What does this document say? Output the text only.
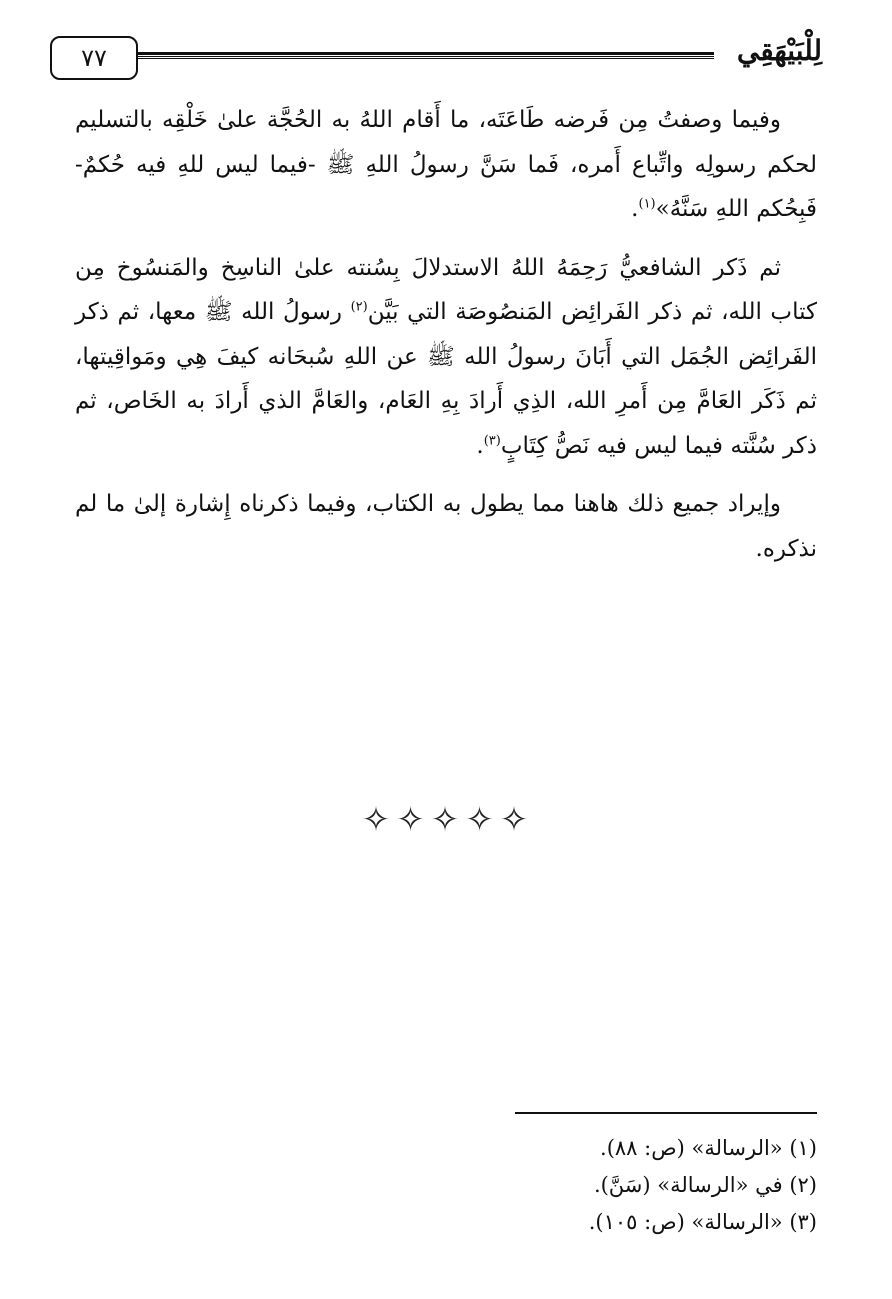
٧٧	لِلْبَيْهَقِي

وفيما وصفتُ مِن فَرضه طَاعَتَه، ما أَقام اللهُ به الحُجَّة علىٰ خَلْقِه بالتسليم لحكم رسولِه واتِّباع أَمره، فَما سَنَّ رسولُ اللهِ ﷺ -فيما ليس للهِ فيه حُكمٌ- فَبِحُكم اللهِ سَنَّهُ»$^{(١)}$.

ثم ذَكر الشافعيُّ رَحِمَهُ اللهُ الاستدلالَ بِسُنته علىٰ الناسِخ والمَنسُوخ مِن كتاب الله، ثم ذكر الفَرائِض المَنصُوصَة التي بَيَّن$^{(٢)}$ رسولُ الله ﷺ معها، ثم ذكر الفَرائِض الجُمَل التي أَبَانَ رسولُ الله ﷺ عن اللهِ سُبحَانه كيفَ هِي ومَواقِيتها، ثم ذَكَر العَامَّ مِن أَمرِ الله، الذِي أَرادَ بِهِ العَام، والعَامَّ الذي أَرادَ به الخَاص، ثم ذكر سُنَّته فيما ليس فيه نَصُّ كِتَابٍ$^{(٣)}$.

وإيراد جميع ذلك هاهنا مما يطول به الكتاب، وفيما ذكرناه إِشارة إلىٰ ما لم نذكره.

✧ ✧ ✧ ✧ ✧
(١) «الرسالة» (ص: ٨٨).
(٢) في «الرسالة» (سَنَّ).
(٣) «الرسالة» (ص: ١٠٥).
